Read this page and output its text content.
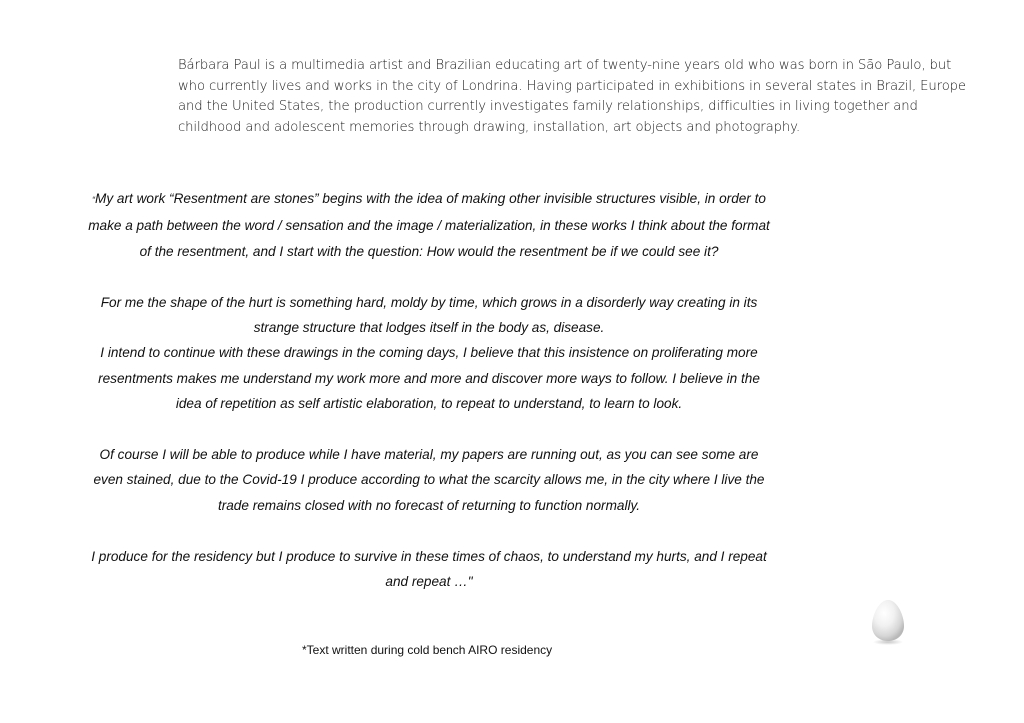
Bárbara Paul is a multimedia artist and Brazilian educating art of twenty-nine years old who was born in São Paulo, but who currently lives and works in the city of Londrina. Having participated in exhibitions in several states in Brazil, Europe and the United States, the production currently investigates family relationships, difficulties in living together and childhood and adolescent memories through drawing, installation, art objects and photography.

“My art work “Resentment are stones” begins with the idea of making other invisible structures visible, in order to make a path between the word / sensation and the image / materialization, in these works I think about the format of the resentment, and I start with the question: How would the resentment be if we could see it?

For me the shape of the hurt is something hard, moldy by time, which grows in a disorderly way creating in its strange structure that lodges itself in the body as, disease.

I intend to continue with these drawings in the coming days, I believe that this insistence on proliferating more resentments makes me understand my work more and more and discover more ways to follow. I believe in the idea of repetition as self artistic elaboration, to repeat to understand, to learn to look.

Of course I will be able to produce while I have material, my papers are running out, as you can see some are even stained, due to the Covid-19 I produce according to what the scarcity allows me, in the city where I live the trade remains closed with no forecast of returning to function normally.

I produce for the residency but I produce to survive in these times of chaos, to understand my hurts, and I repeat and repeat …"

*Text written during cold bench AIRO residency
